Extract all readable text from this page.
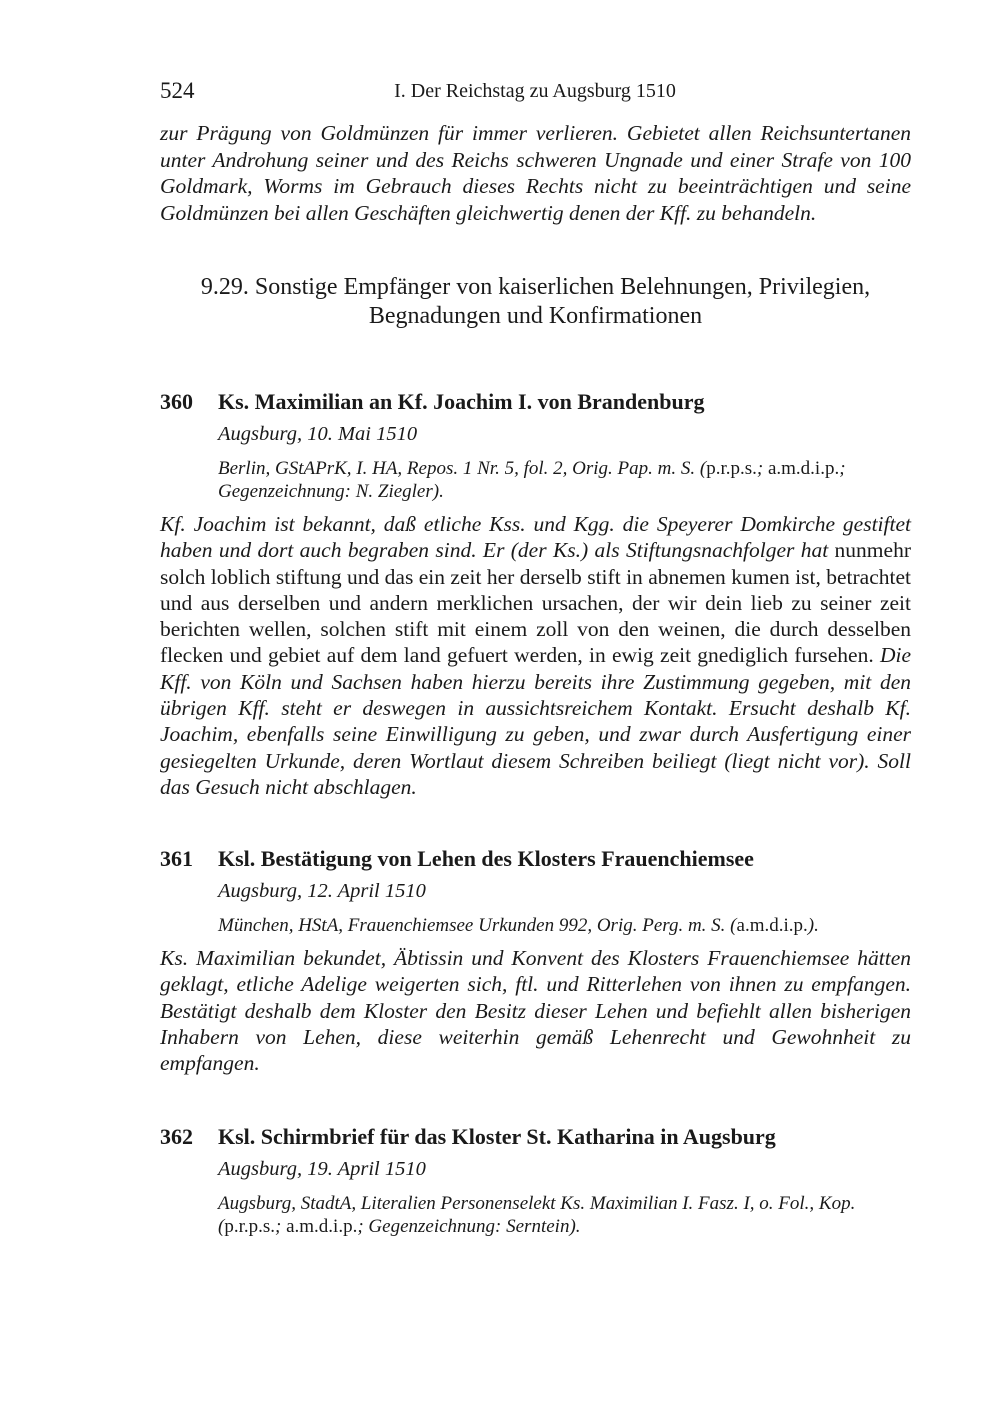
524	I. Der Reichstag zu Augsburg 1510
zur Prägung von Goldmünzen für immer verlieren. Gebietet allen Reichsuntertanen unter Androhung seiner und des Reichs schweren Ungnade und einer Strafe von 100 Goldmark, Worms im Gebrauch dieses Rechts nicht zu beeinträchtigen und seine Goldmünzen bei allen Geschäften gleichwertig denen der Kff. zu behandeln.
9.29. Sonstige Empfänger von kaiserlichen Belehnungen, Privilegien,
Begnadungen und Konfirmationen
360 Ks. Maximilian an Kf. Joachim I. von Brandenburg
Augsburg, 10. Mai 1510
Berlin, GStAPrK, I. HA, Repos. 1 Nr. 5, fol. 2, Orig. Pap. m. S. (p.r.p.s.; a.m.d.i.p.; Gegenzeichnung: N. Ziegler).
Kf. Joachim ist bekannt, daß etliche Kss. und Kgg. die Speyerer Domkirche gestiftet haben und dort auch begraben sind. Er (der Ks.) als Stiftungsnachfolger hat nunmehr solch loblich stiftung und das ein zeit her derselb stift in abnemen kumen ist, betrachtet und aus derselben und andern merklichen ursachen, der wir dein lieb zu seiner zeit berichten wellen, solchen stift mit einem zoll von den weinen, die durch desselben flecken und gebiet auf dem land gefuert werden, in ewig zeit gnediglich fursehen. Die Kff. von Köln und Sachsen haben hierzu bereits ihre Zustimmung gegeben, mit den übrigen Kff. steht er deswegen in aussichtsreichem Kontakt. Ersucht deshalb Kf. Joachim, ebenfalls seine Einwilligung zu geben, und zwar durch Ausfertigung einer gesiegelten Urkunde, deren Wortlaut diesem Schreiben beiliegt (liegt nicht vor). Soll das Gesuch nicht abschlagen.
361 Ksl. Bestätigung von Lehen des Klosters Frauenchiemsee
Augsburg, 12. April 1510
München, HStA, Frauenchiemsee Urkunden 992, Orig. Perg. m. S. (a.m.d.i.p.).
Ks. Maximilian bekundet, Äbtissin und Konvent des Klosters Frauenchiemsee hätten geklagt, etliche Adelige weigerten sich, ftl. und Ritterlehen von ihnen zu empfangen. Bestätigt deshalb dem Kloster den Besitz dieser Lehen und befiehlt allen bisherigen Inhabern von Lehen, diese weiterhin gemäß Lehenrecht und Gewohnheit zu empfangen.
362 Ksl. Schirmbrief für das Kloster St. Katharina in Augsburg
Augsburg, 19. April 1510
Augsburg, StadtA, Literalien Personenselekt Ks. Maximilian I. Fasz. I, o. Fol., Kop. (p.r.p.s.; a.m.d.i.p.; Gegenzeichnung: Serntein).
